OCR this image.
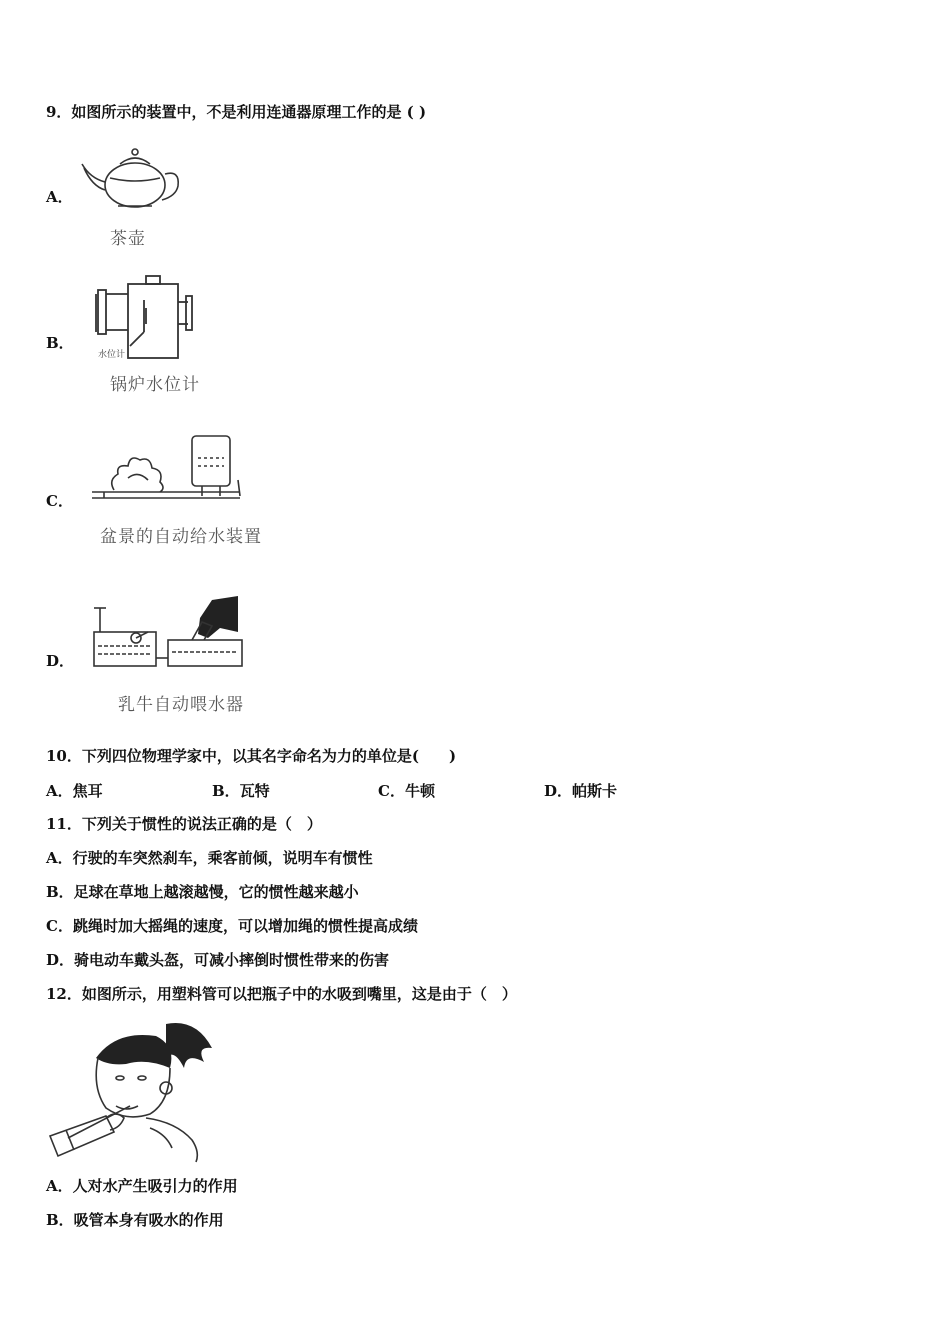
9．如图所示的装置中，不是利用连通器原理工作的是 ( )
A．
茶壶
B．
水位计
锅炉水位计
C．
盆景的自动给水装置
D．
乳牛自动喂水器
10．下列四位物理学家中，以其名字命名为力的单位是(　　)
A．焦耳	B．瓦特	C．牛顿	D．帕斯卡
11．下列关于惯性的说法正确的是（　）
A．行驶的车突然刹车，乘客前倾，说明车有惯性
B．足球在草地上越滚越慢，它的惯性越来越小
C．跳绳时加大摇绳的速度，可以增加绳的惯性提高成绩
D．骑电动车戴头盔，可减小摔倒时惯性带来的伤害
12．如图所示，用塑料管可以把瓶子中的水吸到嘴里，这是由于（　）
A．人对水产生吸引力的作用
B．吸管本身有吸水的作用
